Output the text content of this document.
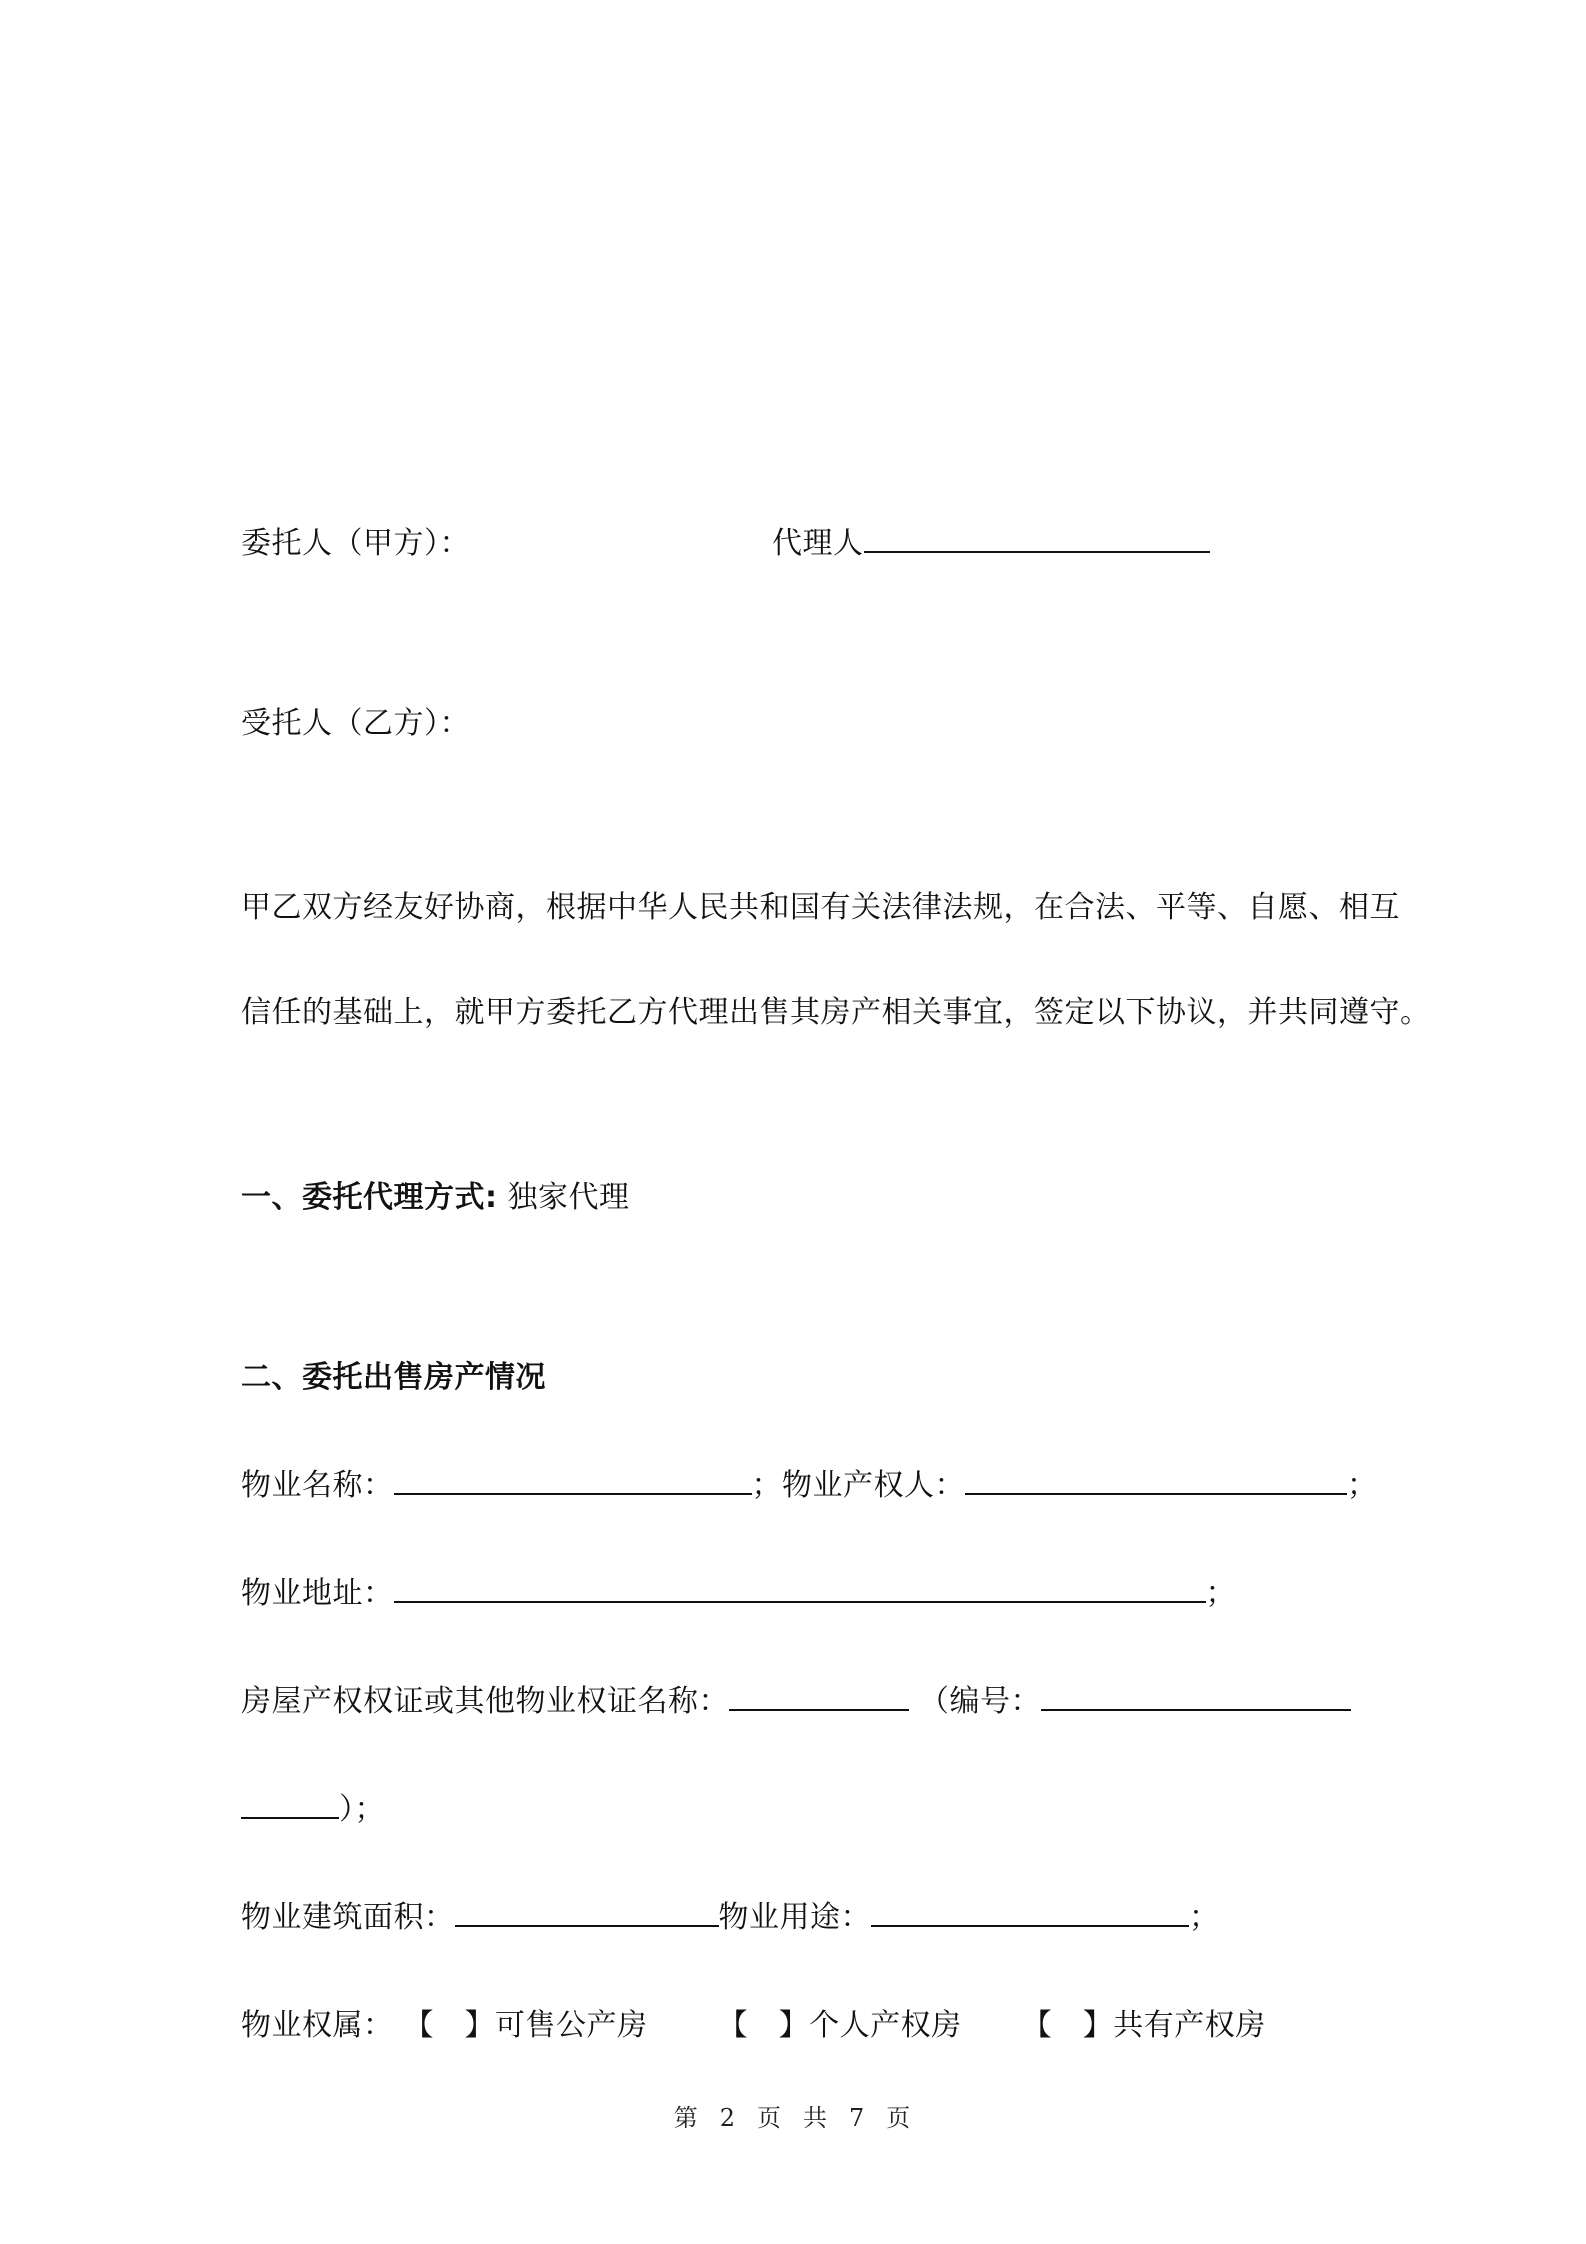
委托人（甲方）：	代理人
受托人（乙方）：
甲乙双方经友好协商，根据中华人民共和国有关法律法规，在合法、平等、自愿、相互
信任的基础上，就甲方委托乙方代理出售其房产相关事宜，签定以下协议，并共同遵守。
一、委托代理方式: 独家代理
二、委托出售房产情况
物业名称：	；物业产权人：	；
物业地址：	；
房屋产权权证或其他物业权证名称：	（编号：
）；
物业建筑面积：	物业用途：	；
物业权属： 【　】可售公产房 【　】个人产权房 【　】共有产权房
第 2 页 共 7 页
